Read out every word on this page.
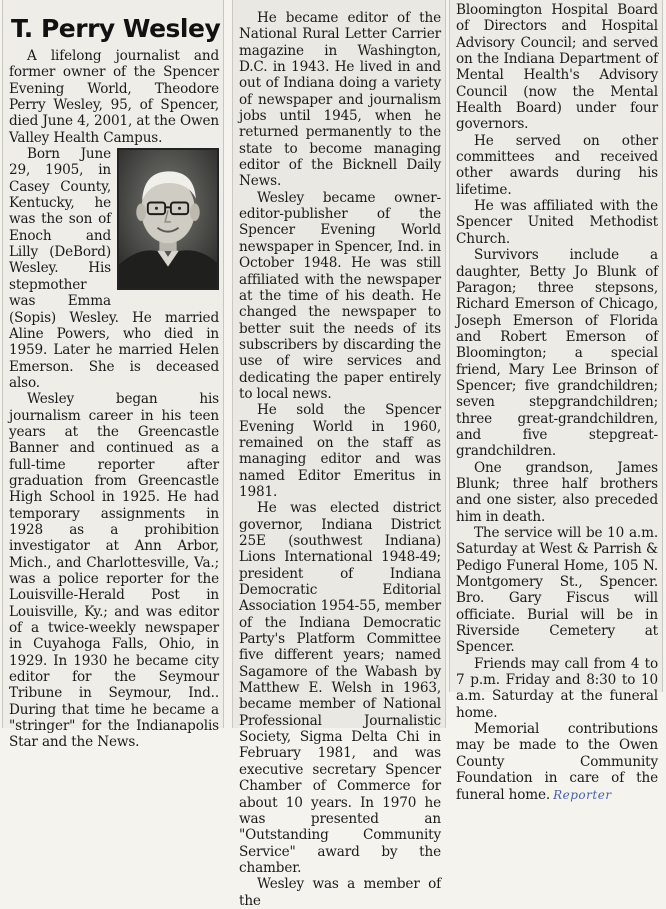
T. Perry Wesley

A lifelong journalist and former owner of the Spencer Evening World, Theodore Perry Wesley, 95, of Spencer, died June 4, 2001, at the Owen Valley Health Campus.

Born June 29, 1905, in Casey County, Kentucky, he was the son of Enoch and Lilly (DeBord) Wesley. His stepmother was Emma (Sopis) Wesley. He married Aline Powers, who died in 1959. Later he married Helen Emerson. She is deceased also.

Wesley began his journalism career in his teen years at the Greencastle Banner and continued as a full-time reporter after graduation from Greencastle High School in 1925. He had temporary assignments in 1928 as a prohibition investigator at Ann Arbor, Mich., and Charlottesville, Va.; was a police reporter for the Louisville-Herald Post in Louisville, Ky.; and was editor of a twice-weekly newspaper in Cuyahoga Falls, Ohio, in 1929. In 1930 he became city editor for the Seymour Tribune in Seymour, Ind.. During that time he became a "stringer" for the Indianapolis Star and the News.

He became editor of the National Rural Letter Carrier magazine in Washington, D.C. in 1943. He lived in and out of Indiana doing a variety of newspaper and journalism jobs until 1945, when he returned permanently to the state to become managing editor of the Bicknell Daily News.

Wesley became owner-editor-publisher of the Spencer Evening World newspaper in Spencer, Ind. in October 1948. He was still affiliated with the newspaper at the time of his death. He changed the newspaper to better suit the needs of its subscribers by discarding the use of wire services and dedicating the paper entirely to local news.

He sold the Spencer Evening World in 1960, remained on the staff as managing editor and was named Editor Emeritus in 1981.

He was elected district governor, Indiana District 25E (southwest Indiana) Lions International 1948-49; president of Indiana Democratic Editorial Association 1954-55, member of the Indiana Democratic Party's Platform Committee five different years; named Sagamore of the Wabash by Matthew E. Welsh in 1963, became member of National Professional Journalistic Society, Sigma Delta Chi in February 1981, and was executive secretary Spencer Chamber of Commerce for about 10 years. In 1970 he was presented an "Outstanding Community Service" award by the chamber.

Wesley was a member of the

Bloomington Hospital Board of Directors and Hospital Advisory Council; and served on the Indiana Department of Mental Health's Advisory Council (now the Mental Health Board) under four governors.

He served on other committees and received other awards during his lifetime.

He was affiliated with the Spencer United Methodist Church.

Survivors include a daughter, Betty Jo Blunk of Paragon; three stepsons, Richard Emerson of Chicago, Joseph Emerson of Florida and Robert Emerson of Bloomington; a special friend, Mary Lee Brinson of Spencer; five grandchildren; seven stepgrandchildren; three great-grandchildren, and five stepgreat-grandchildren.

One grandson, James Blunk; three half brothers and one sister, also preceded him in death.

The service will be 10 a.m. Saturday at West & Parrish & Pedigo Funeral Home, 105 N. Montgomery St., Spencer. Bro. Gary Fiscus will officiate. Burial will be in Riverside Cemetery at Spencer.

Friends may call from 4 to 7 p.m. Friday and 8:30 to 10 a.m. Saturday at the funeral home.

Memorial contributions may be made to the Owen County Community Foundation in care of the funeral home. Reporter
